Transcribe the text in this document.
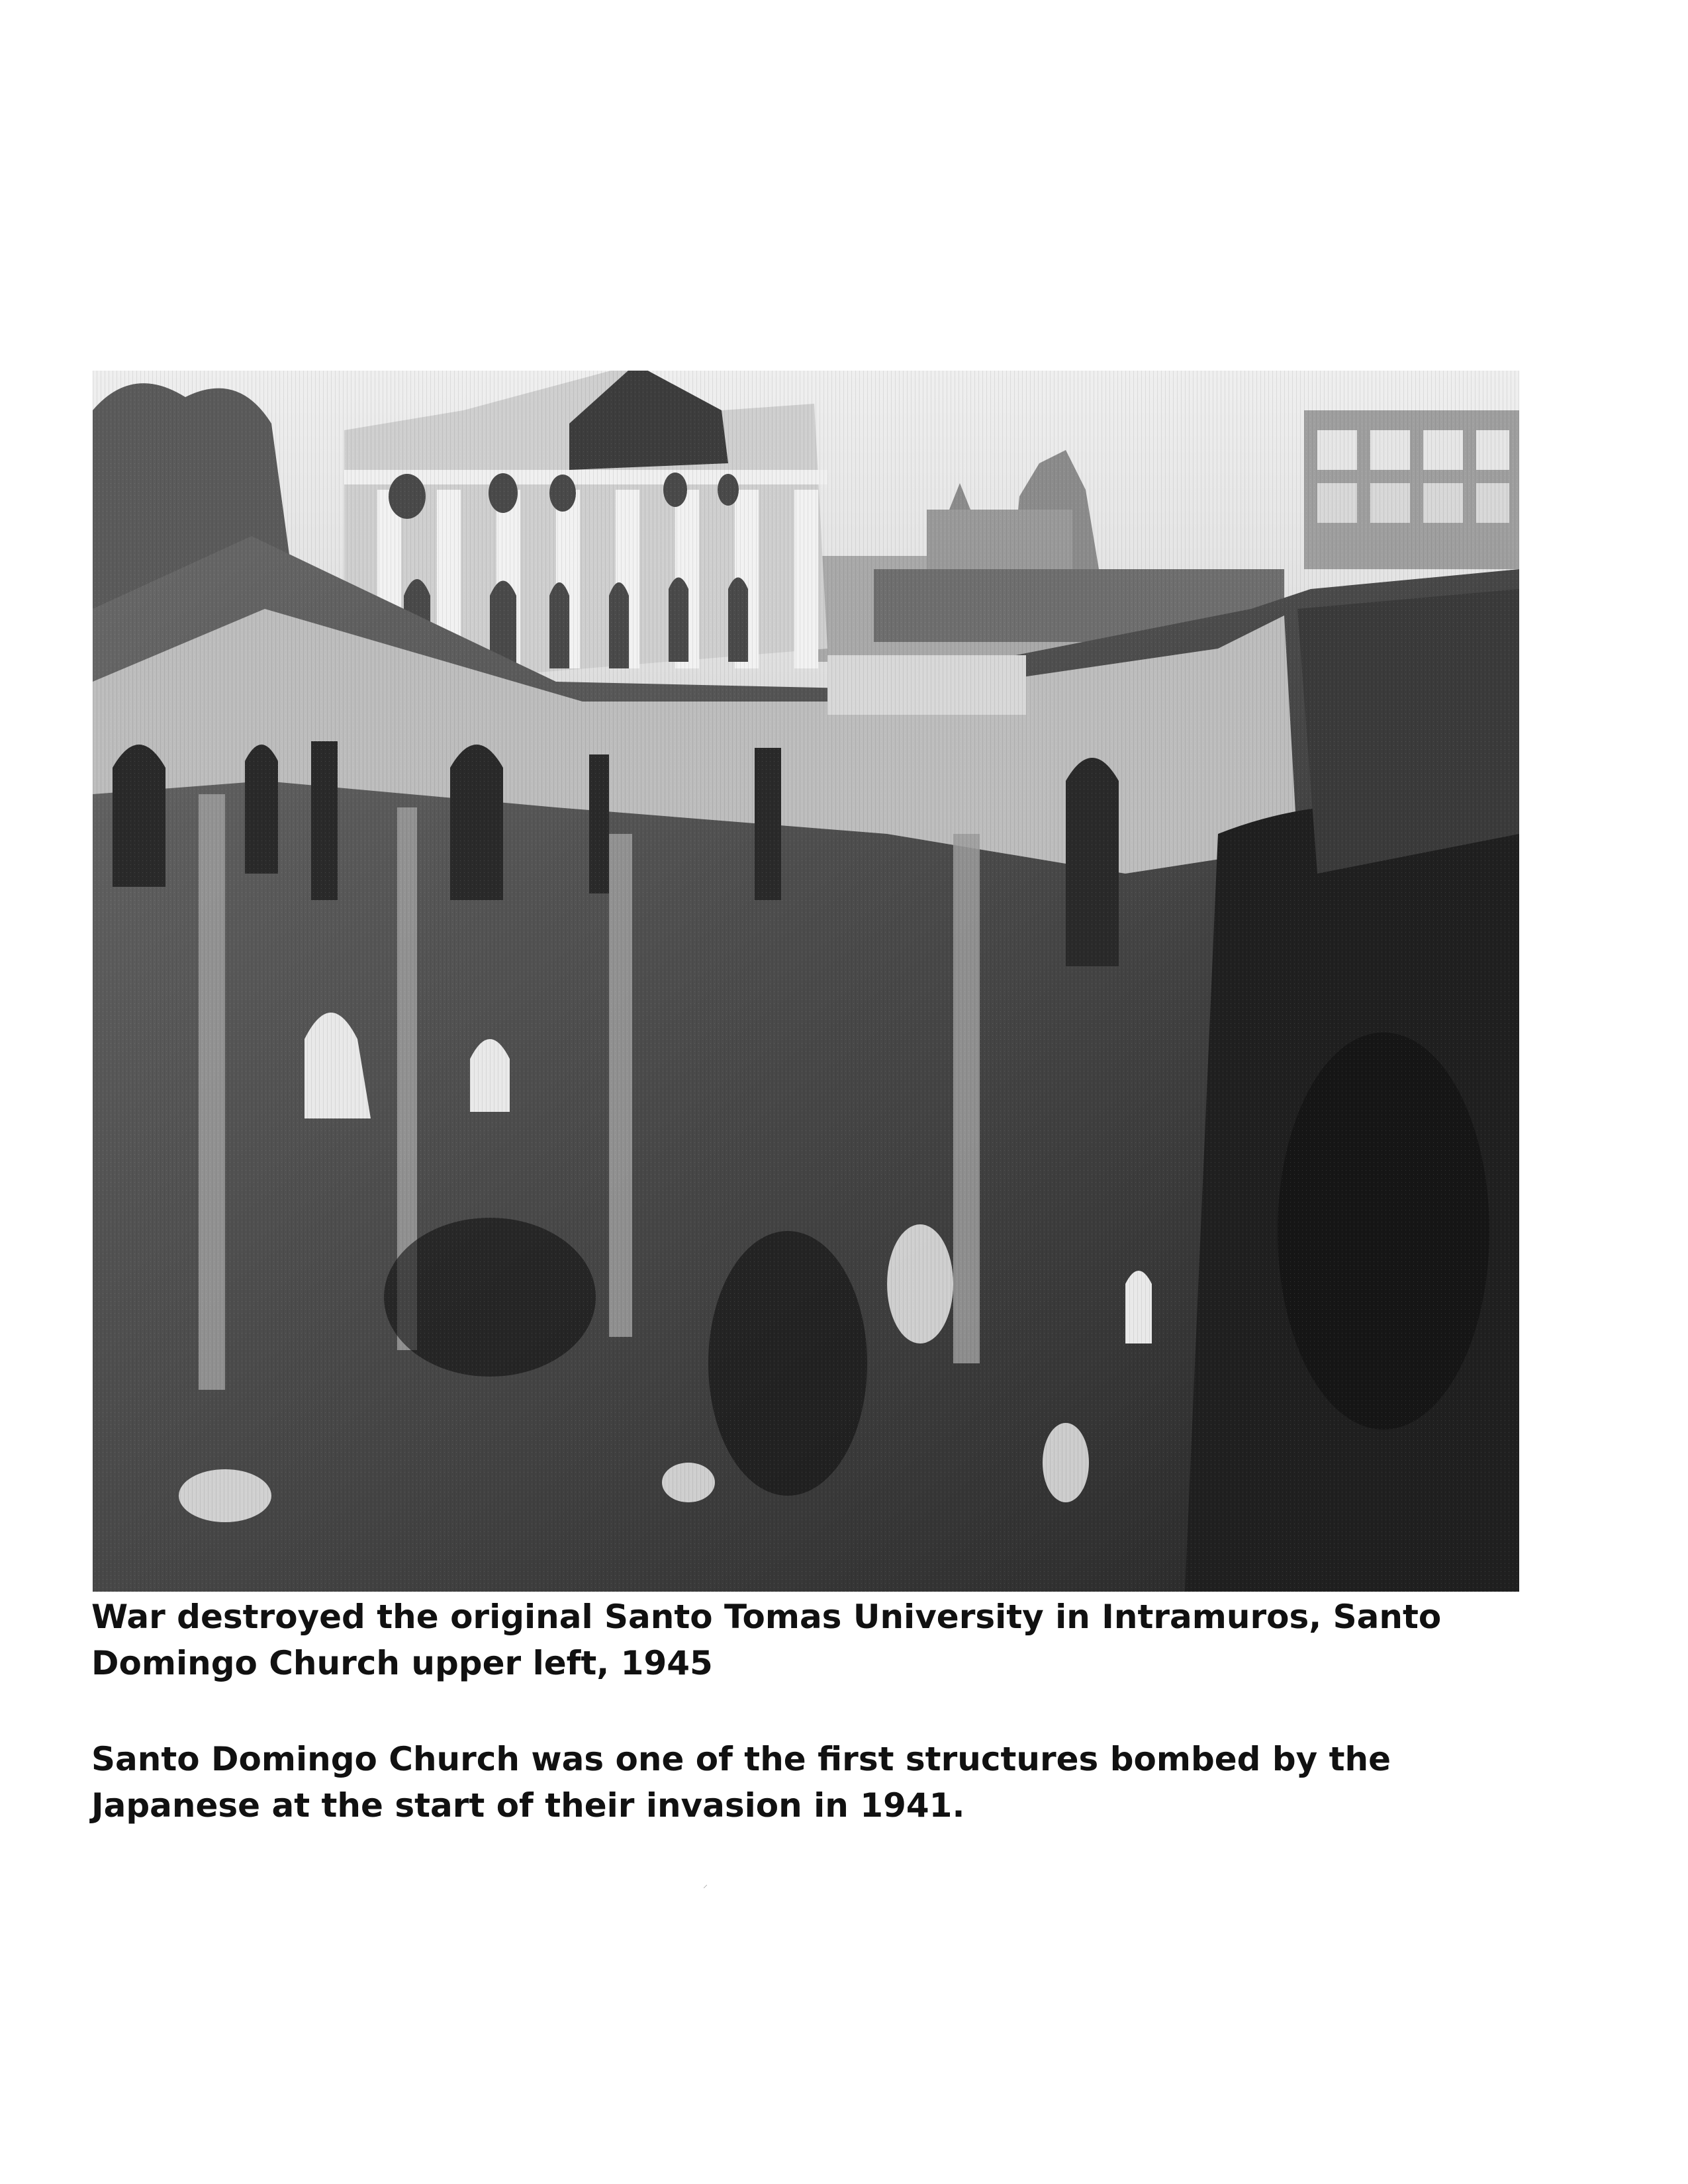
War destroyed the original Santo Tomas University in Intramuros, Santo Domingo Church upper left, 1945

Santo Domingo Church was one of the first structures bombed by the Japanese at the start of their invasion in 1941.

⸝
